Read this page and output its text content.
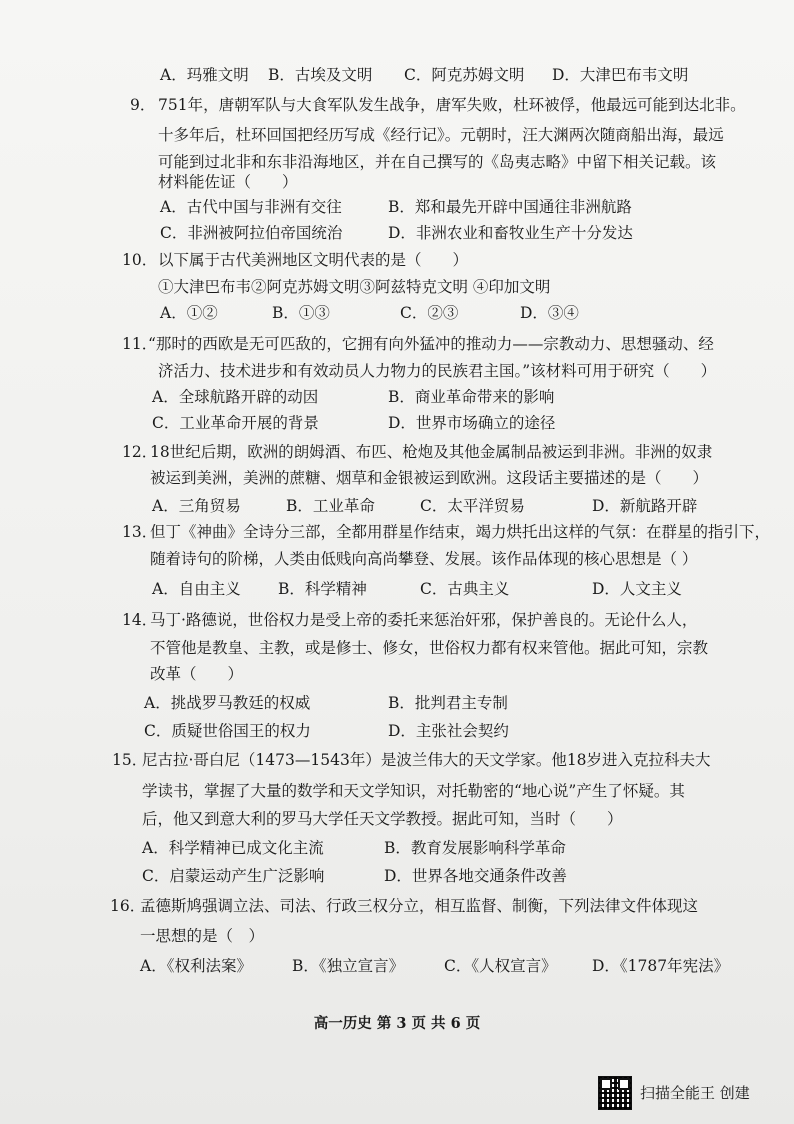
A．玛雅文明 B．古埃及文明 C．阿克苏姆文明 D．大津巴布韦文明
9． 751年，唐朝军队与大食军队发生战争，唐军失败，杜环被俘，他最远可能到达北非。
十多年后，杜环回国把经历写成《经行记》。元朝时，汪大渊两次随商船出海，最远
可能到过北非和东非沿海地区，并在自己撰写的《岛夷志略》中留下相关记载。该
材料能佐证（　　）
A．古代中国与非洲有交往	B．郑和最先开辟中国通往非洲航路
C．非洲被阿拉伯帝国统治	D．非洲农业和畜牧业生产十分发达
10． 以下属于古代美洲地区文明代表的是（　　）
①大津巴布韦②阿克苏姆文明③阿兹特克文明 ④印加文明
A．①②	B．①③	C．②③	D．③④
11．
“那时的西欧是无可匹敌的，它拥有向外猛冲的推动力——宗教动力、思想骚动、经
济活力、技术进步和有效动员人力物力的民族君主国。”该材料可用于研究（　　）
A．全球航路开辟的动因	B．商业革命带来的影响
C．工业革命开展的背景	D．世界市场确立的途径
12．
18世纪后期，欧洲的朗姆酒、布匹、枪炮及其他金属制品被运到非洲。非洲的奴隶
被运到美洲，美洲的蔗糖、烟草和金银被运到欧洲。这段话主要描述的是（　　）
A．三角贸易	B．工业革命	C．太平洋贸易	D．新航路开辟
13．
但丁《神曲》全诗分三部，全都用群星作结束，竭力烘托出这样的气氛：在群星的指引下，
随着诗句的阶梯，人类由低贱向高尚攀登、发展。该作品体现的核心思想是（ ）
A．自由主义 B．科学精神	C．古典主义	D．人文主义
14．
马丁·路德说，世俗权力是受上帝的委托来惩治奸邪，保护善良的。无论什么人，
不管他是教皇、主教，或是修士、修女，世俗权力都有权来管他。据此可知，宗教
改革（　　）
A．挑战罗马教廷的权威	B．批判君主专制
C．质疑世俗国王的权力	D．主张社会契约
15．
尼古拉·哥白尼（1473—1543年）是波兰伟大的天文学家。他18岁进入克拉科夫大
学读书，掌握了大量的数学和天文学知识，对托勒密的“地心说”产生了怀疑。其
后，他又到意大利的罗马大学任天文学教授。据此可知，当时（　　）
A．科学精神已成文化主流	B．教育发展影响科学革命
C．启蒙运动产生广泛影响	D．世界各地交通条件改善
16．
孟德斯鸠强调立法、司法、行政三权分立，相互监督、制衡，下列法律文件体现这
一思想的是（　）
A．《权利法案》	B．《独立宣言》	C．《人权宣言》 D．《1787年宪法》
高一历史 第 3 页 共 6 页
扫描全能王 创建
